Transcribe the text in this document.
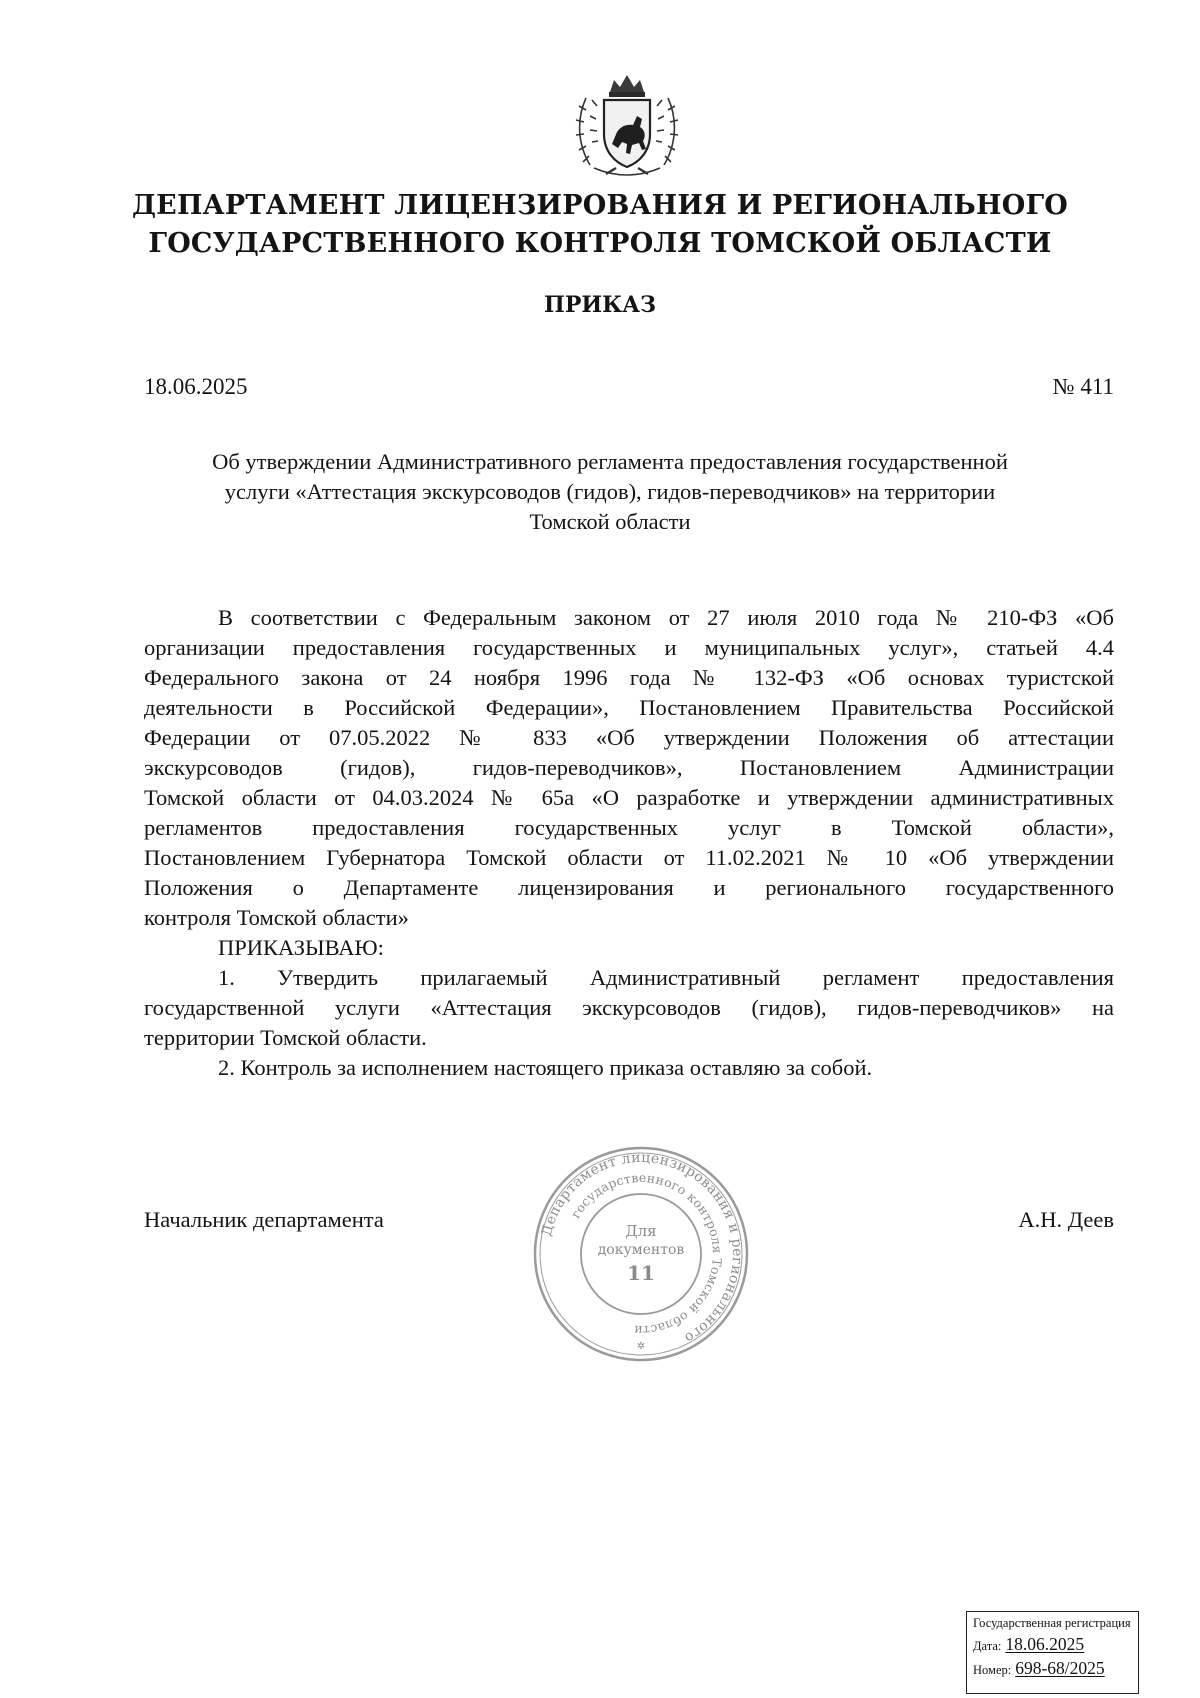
ДЕПАРТАМЕНТ ЛИЦЕНЗИРОВАНИЯ И РЕГИОНАЛЬНОГО
ГОСУДАРСТВЕННОГО КОНТРОЛЯ ТОМСКОЙ ОБЛАСТИ
ПРИКАЗ
18.06.2025	№ 411
Об утверждении Административного регламента предоставления государственной
услуги «Аттестация экскурсоводов (гидов), гидов-переводчиков» на территории
Томской области
В соответствии с Федеральным законом от 27 июля 2010 года № 210-ФЗ «Об
организации предоставления государственных и муниципальных услуг», статьей 4.4
Федерального закона от 24 ноября 1996 года № 132-ФЗ «Об основах туристской
деятельности в Российской Федерации», Постановлением Правительства Российской
Федерации от 07.05.2022 № 833 «Об утверждении Положения об аттестации
экскурсоводов (гидов), гидов-переводчиков», Постановлением Администрации
Томской области от 04.03.2024 № 65а «О разработке и утверждении административных
регламентов предоставления государственных услуг в Томской области»,
Постановлением Губернатора Томской области от 11.02.2021 № 10 «Об утверждении
Положения о Департаменте лицензирования и регионального государственного
контроля Томской области»
ПРИКАЗЫВАЮ:
1. Утвердить прилагаемый Административный регламент предоставления
государственной услуги «Аттестация экскурсоводов (гидов), гидов-переводчиков» на
территории Томской области.
2. Контроль за исполнением настоящего приказа оставляю за собой.
Начальник департамента	А.Н. Деев
Департамент лицензирования и регионального
государственного контроля Томской области
Для
документов
11
✲
Государственная регистрация
Дата: 18.06.2025
Номер: 698-68/2025
